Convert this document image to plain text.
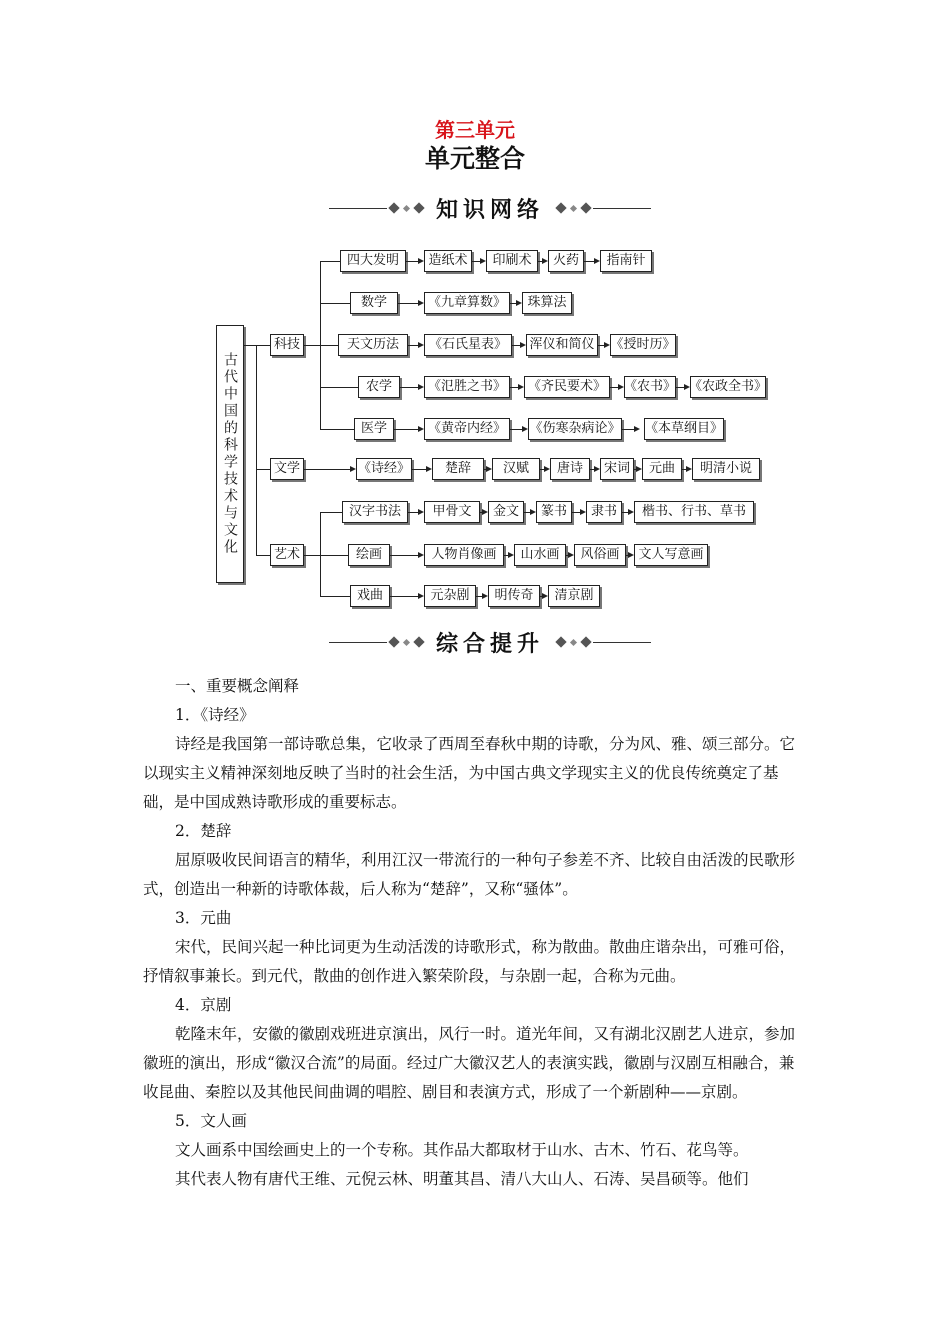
第三单元
单元整合
知识网络
古代中国的科学技术与文化
科技
文学
艺术
四大发明	造纸术	印刷术	火药	指南针
数学	《九章算数》	珠算法
天文历法	《石氏星表》	浑仪和简仪 《授时历》
农学	《氾胜之书》	《齐民要术》	《农书》 《农政全书》
医学	《黄帝内经》	《伤寒杂病论》 《本草纲目》
《诗经》	楚辞	汉赋	唐诗	宋词	元曲	明清小说
汉字书法	甲骨文	金文	篆书	隶书	楷书、行书、草书
绘画	人物肖像画	山水画	风俗画	文人写意画
戏曲	元杂剧	明传奇	清京剧
综合提升

一、重要概念阐释

1．《诗经》

诗经是我国第一部诗歌总集，它收录了西周至春秋中期的诗歌，分为风、雅、颂三部分。它以现实主义精神深刻地反映了当时的社会生活，为中国古典文学现实主义的优良传统奠定了基础，是中国成熟诗歌形成的重要标志。

2．楚辞

屈原吸收民间语言的精华，利用江汉一带流行的一种句子参差不齐、比较自由活泼的民歌形式，创造出一种新的诗歌体裁，后人称为“楚辞”，又称“骚体”。

3．元曲

宋代，民间兴起一种比词更为生动活泼的诗歌形式，称为散曲。散曲庄谐杂出，可雅可俗，抒情叙事兼长。到元代，散曲的创作进入繁荣阶段，与杂剧一起，合称为元曲。

4．京剧

乾隆末年，安徽的徽剧戏班进京演出，风行一时。道光年间，又有湖北汉剧艺人进京，参加徽班的演出，形成“徽汉合流”的局面。经过广大徽汉艺人的表演实践，徽剧与汉剧互相融合，兼收昆曲、秦腔以及其他民间曲调的唱腔、剧目和表演方式，形成了一个新剧种——京剧。

5．文人画

文人画系中国绘画史上的一个专称。其作品大都取材于山水、古木、竹石、花鸟等。

其代表人物有唐代王维、元倪云林、明董其昌、清八大山人、石涛、吴昌硕等。他们
